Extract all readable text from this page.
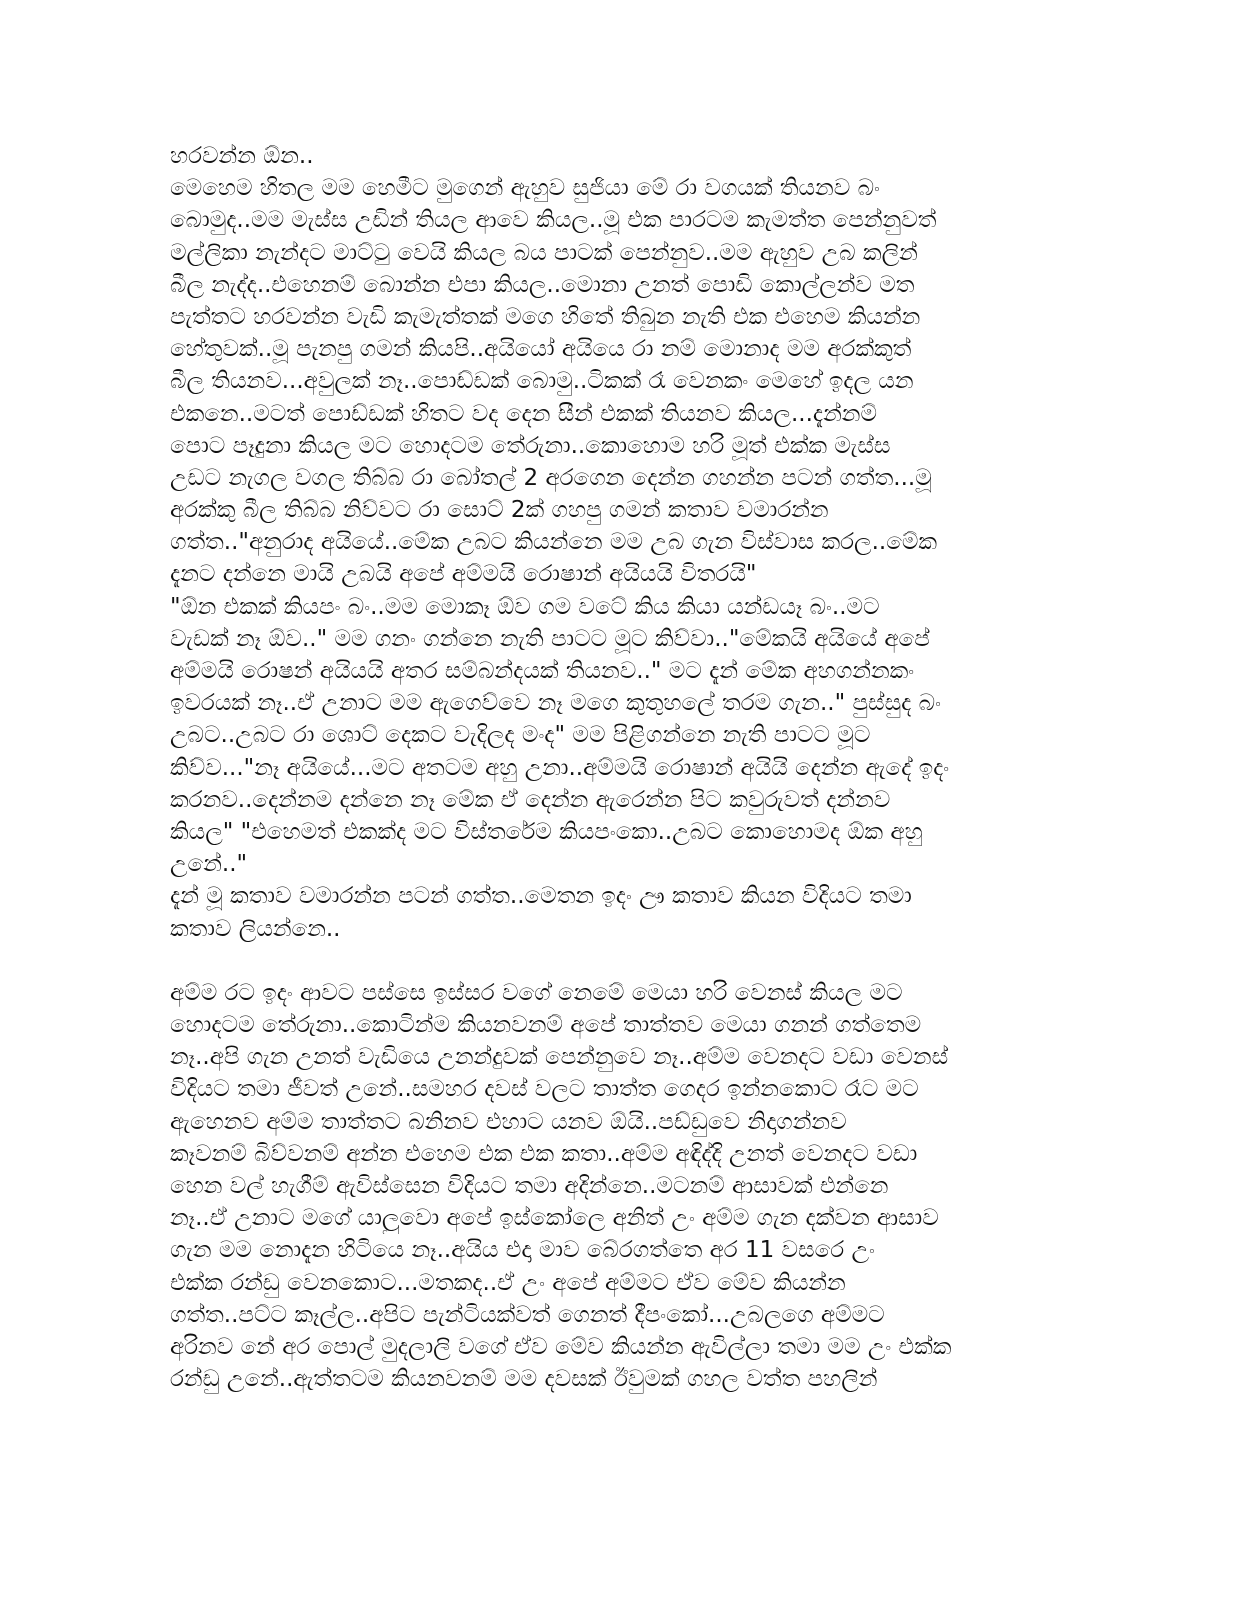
හරවන්න ඕන..
මෙහෙම හිතල මම හෙමීට මුගෙන් ඇහුව සුජියා මේ රා වගයක් තියනව බං
බොමුද..මම මැස්ස උඩින් තියල ආවෙ කියල..මූ එක පාරටම කැමත්ත පෙන්නුවත්
මල්ලිකා නැන්දට මාට්ටු වෙයි කියල බය පාටක් පෙන්නුව..මම ඇහුව උබ කලින්
බීල නැද්ද..එහෙනම් බොන්න එපා කියල..මොනා උනත් පොඩි කොල්ලන්ව මත
පැත්තට හරවන්න වැඩි කැමැත්තක් මගෙ හිතේ තිබුන නැති එක එහෙම කියන්න
හේතුවක්..මූ පැනපු ගමන් කියපි..අයියෝ අයියෙ රා නම් මොනාද මම අරක්කුත්
බීල තියනව...අවුලක් නෑ..පොඩ්ඩක් බොමු..ටිකක් රෑ වෙනකං මෙහේ ඉදල යන
එකනෙ..මටත් පොඩ්ඩක් හිතට වද දෙන සීන් එකක් තියනව කියල...දැන්නම්
පොට පෑදුනා කියල මට හොදටම තේරුනා..කොහොම හරි මූත් එක්ක මැස්ස
උඩට නැගල වගල තිබ්බ රා බෝතල් 2 අරගෙන දෙන්න ගහන්න පටන් ගත්ත...මූ
අරක්කු බීල තිබ්බ නිව්වට රා සොට් 2ක් ගහපු ගමන් කතාව වමාරන්න
ගත්ත.."අනුරාද අයියේ..මේක උබට කියන්නෙ මම උබ ගැන විස්වාස කරල..මේක
දැනට දන්නෙ මායි උබයි අපේ අම්මයි රොෂාන් අයියයි විතරයි"
"ඕන එකක් කියපං බං..මම මොකෑ ඕව ගම වටේ කිය කියා යන්ඩයෑ බං..මට
වැඩක් නෑ ඕව.." මම ගනං ගන්නෙ නැති පාටට මූට කිව්වා.."මේකයි අයියේ අපේ
අම්මයි රොෂන් අයියයි අතර සම්බන්දයක් තියනව.." මට දැන් මේක අහගන්නකං
ඉවරයක් නෑ..ඒ උනාට මම ඇගෙව්වෙ නෑ මගෙ කුතුහලේ තරම ගැන.." පුස්සුද බං
උබට..උබට රා ශොට් දෙකට වැදිලද මංද" මම පිළිගන්නෙ නැති පාටට මූට
කිව්ව..."නෑ අයියේ...මට අතටම අහු උනා..අම්මයි රොෂාන් අයියි දෙන්න ඇදේ ඉදං
කරනව..දෙන්නම දන්නෙ නෑ මේක ඒ දෙන්න ඇරෙන්න පිට කවුරුවත් දන්නව
කියල" "එහෙමත් එකක්ද මට විස්තරේම කියපංකො..උබට කොහොමද ඕක අහු
උනේ.."
දැන් මූ කතාව වමාරන්න පටන් ගත්ත..මෙතන ඉදං ඌ කතාව කියන විදියට තමා
කතාව ලියන්නෙ..
අම්ම රට ඉදං ආවට පස්සෙ ඉස්සර වගේ නෙමේ මෙයා හරි වෙනස් කියල මට
හොදටම තේරුනා..කොටින්ම කියනවනම් අපේ තාත්තව මෙයා ගනන් ගත්තෙම
නෑ..අපි ගැන උනත් වැඩියෙ උනන්දුවක් පෙන්නුවෙ නෑ..අම්ම වෙනදට වඩා වෙනස්
විදියට තමා ජීවත් උනේ..සමහර දවස් වලට තාත්ත ගෙදර ඉන්නකොට රෑට මට
ඇහෙනව අම්ම තාත්තට බනිනව එහාට යනව ඕයි..පඩ්ඩුවෙ නිදාගන්නව
කෑවනම් බිව්වනම් අන්න එහෙම එක එක කතා..අම්ම අඳිද්දි උනත් වෙනදට වඩා
හෙන වල් හැගීම් ඇවිස්සෙන විදියට තමා අදින්නෙ..මටනම් ආසාවක් එන්නෙ
නෑ..ඒ උනාට මගේ යාලුවො අපේ ඉස්කෝලෙ අනිත් උං අම්ම ගැන දක්වන ආසාව
ගැන මම නොදැන හිටියෙ නෑ..අයිය එදා මාව බේරගත්තෙ අර 11 වසරෙ උං
එක්ක රන්ඩු වෙනකොට...මතකද..ඒ උං අපේ අම්මට ඒව මේව කියන්න
ගත්ත..පට්ට කෑල්ල..අපිට පැන්ටියක්වත් ගෙනත් දීපංකෝ...උබලගෙ අම්මට
අරිනව නේ අර පොල් මුදලාලි වගේ ඒව මේව කියන්න ඇවිල්ලා තමා මම උං එක්ක
රන්ඩු උනේ..ඇත්තටම කියනවනම් මම දවසක් ඊවුමක් ගහල වත්ත පහලින්
